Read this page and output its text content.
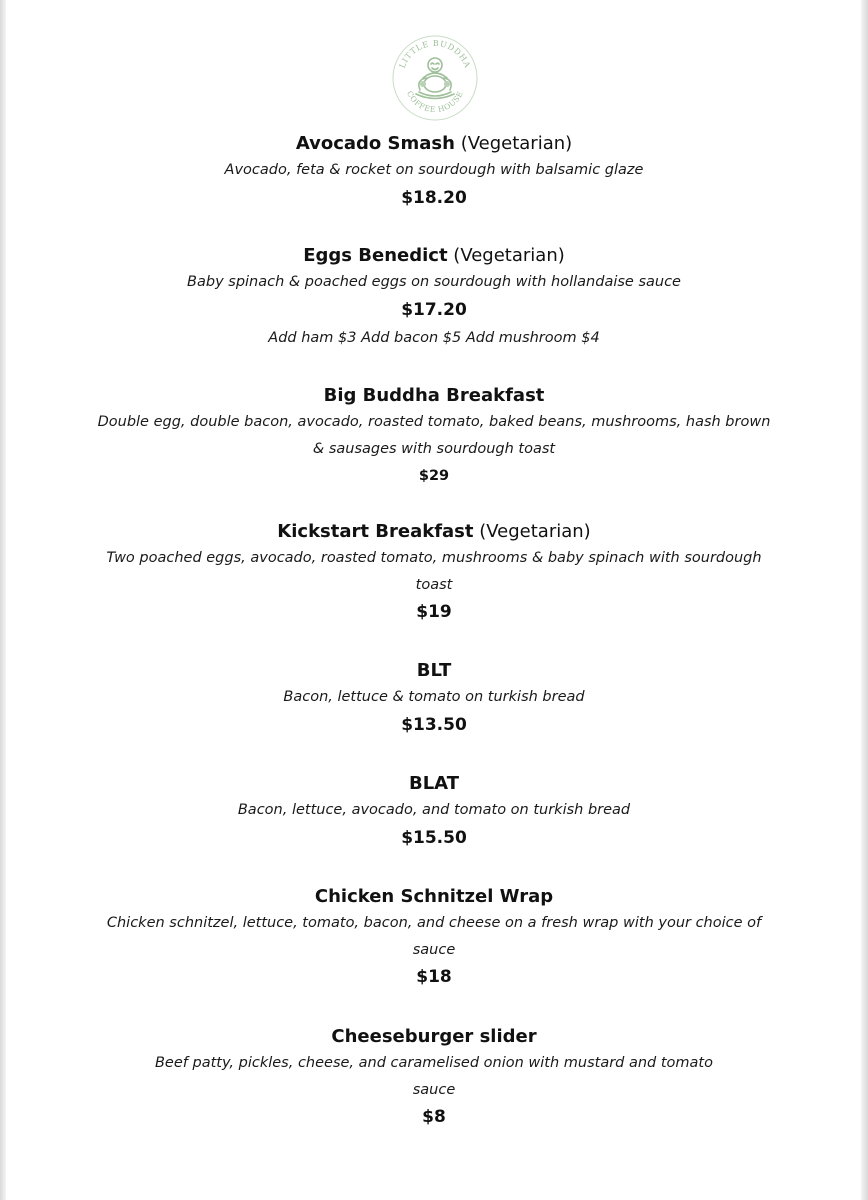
LITTLE BUDDHA
COFFEE HOUSE

Avocado Smash (Vegetarian)

Avocado, feta & rocket on sourdough with balsamic glaze

$18.20

Eggs Benedict (Vegetarian)

Baby spinach & poached eggs on sourdough with hollandaise sauce

$17.20

Add ham $3 Add bacon $5 Add mushroom $4

Big Buddha Breakfast

Double egg, double bacon, avocado, roasted tomato, baked beans, mushrooms, hash brown

& sausages with sourdough toast

$29

Kickstart Breakfast (Vegetarian)

Two poached eggs, avocado, roasted tomato, mushrooms & baby spinach with sourdough

toast

$19

BLT

Bacon, lettuce & tomato on turkish bread

$13.50

BLAT

Bacon, lettuce, avocado, and tomato on turkish bread

$15.50

Chicken Schnitzel Wrap

Chicken schnitzel, lettuce, tomato, bacon, and cheese on a fresh wrap with your choice of

sauce

$18

Cheeseburger slider

Beef patty, pickles, cheese, and caramelised onion with mustard and tomato

sauce

$8
